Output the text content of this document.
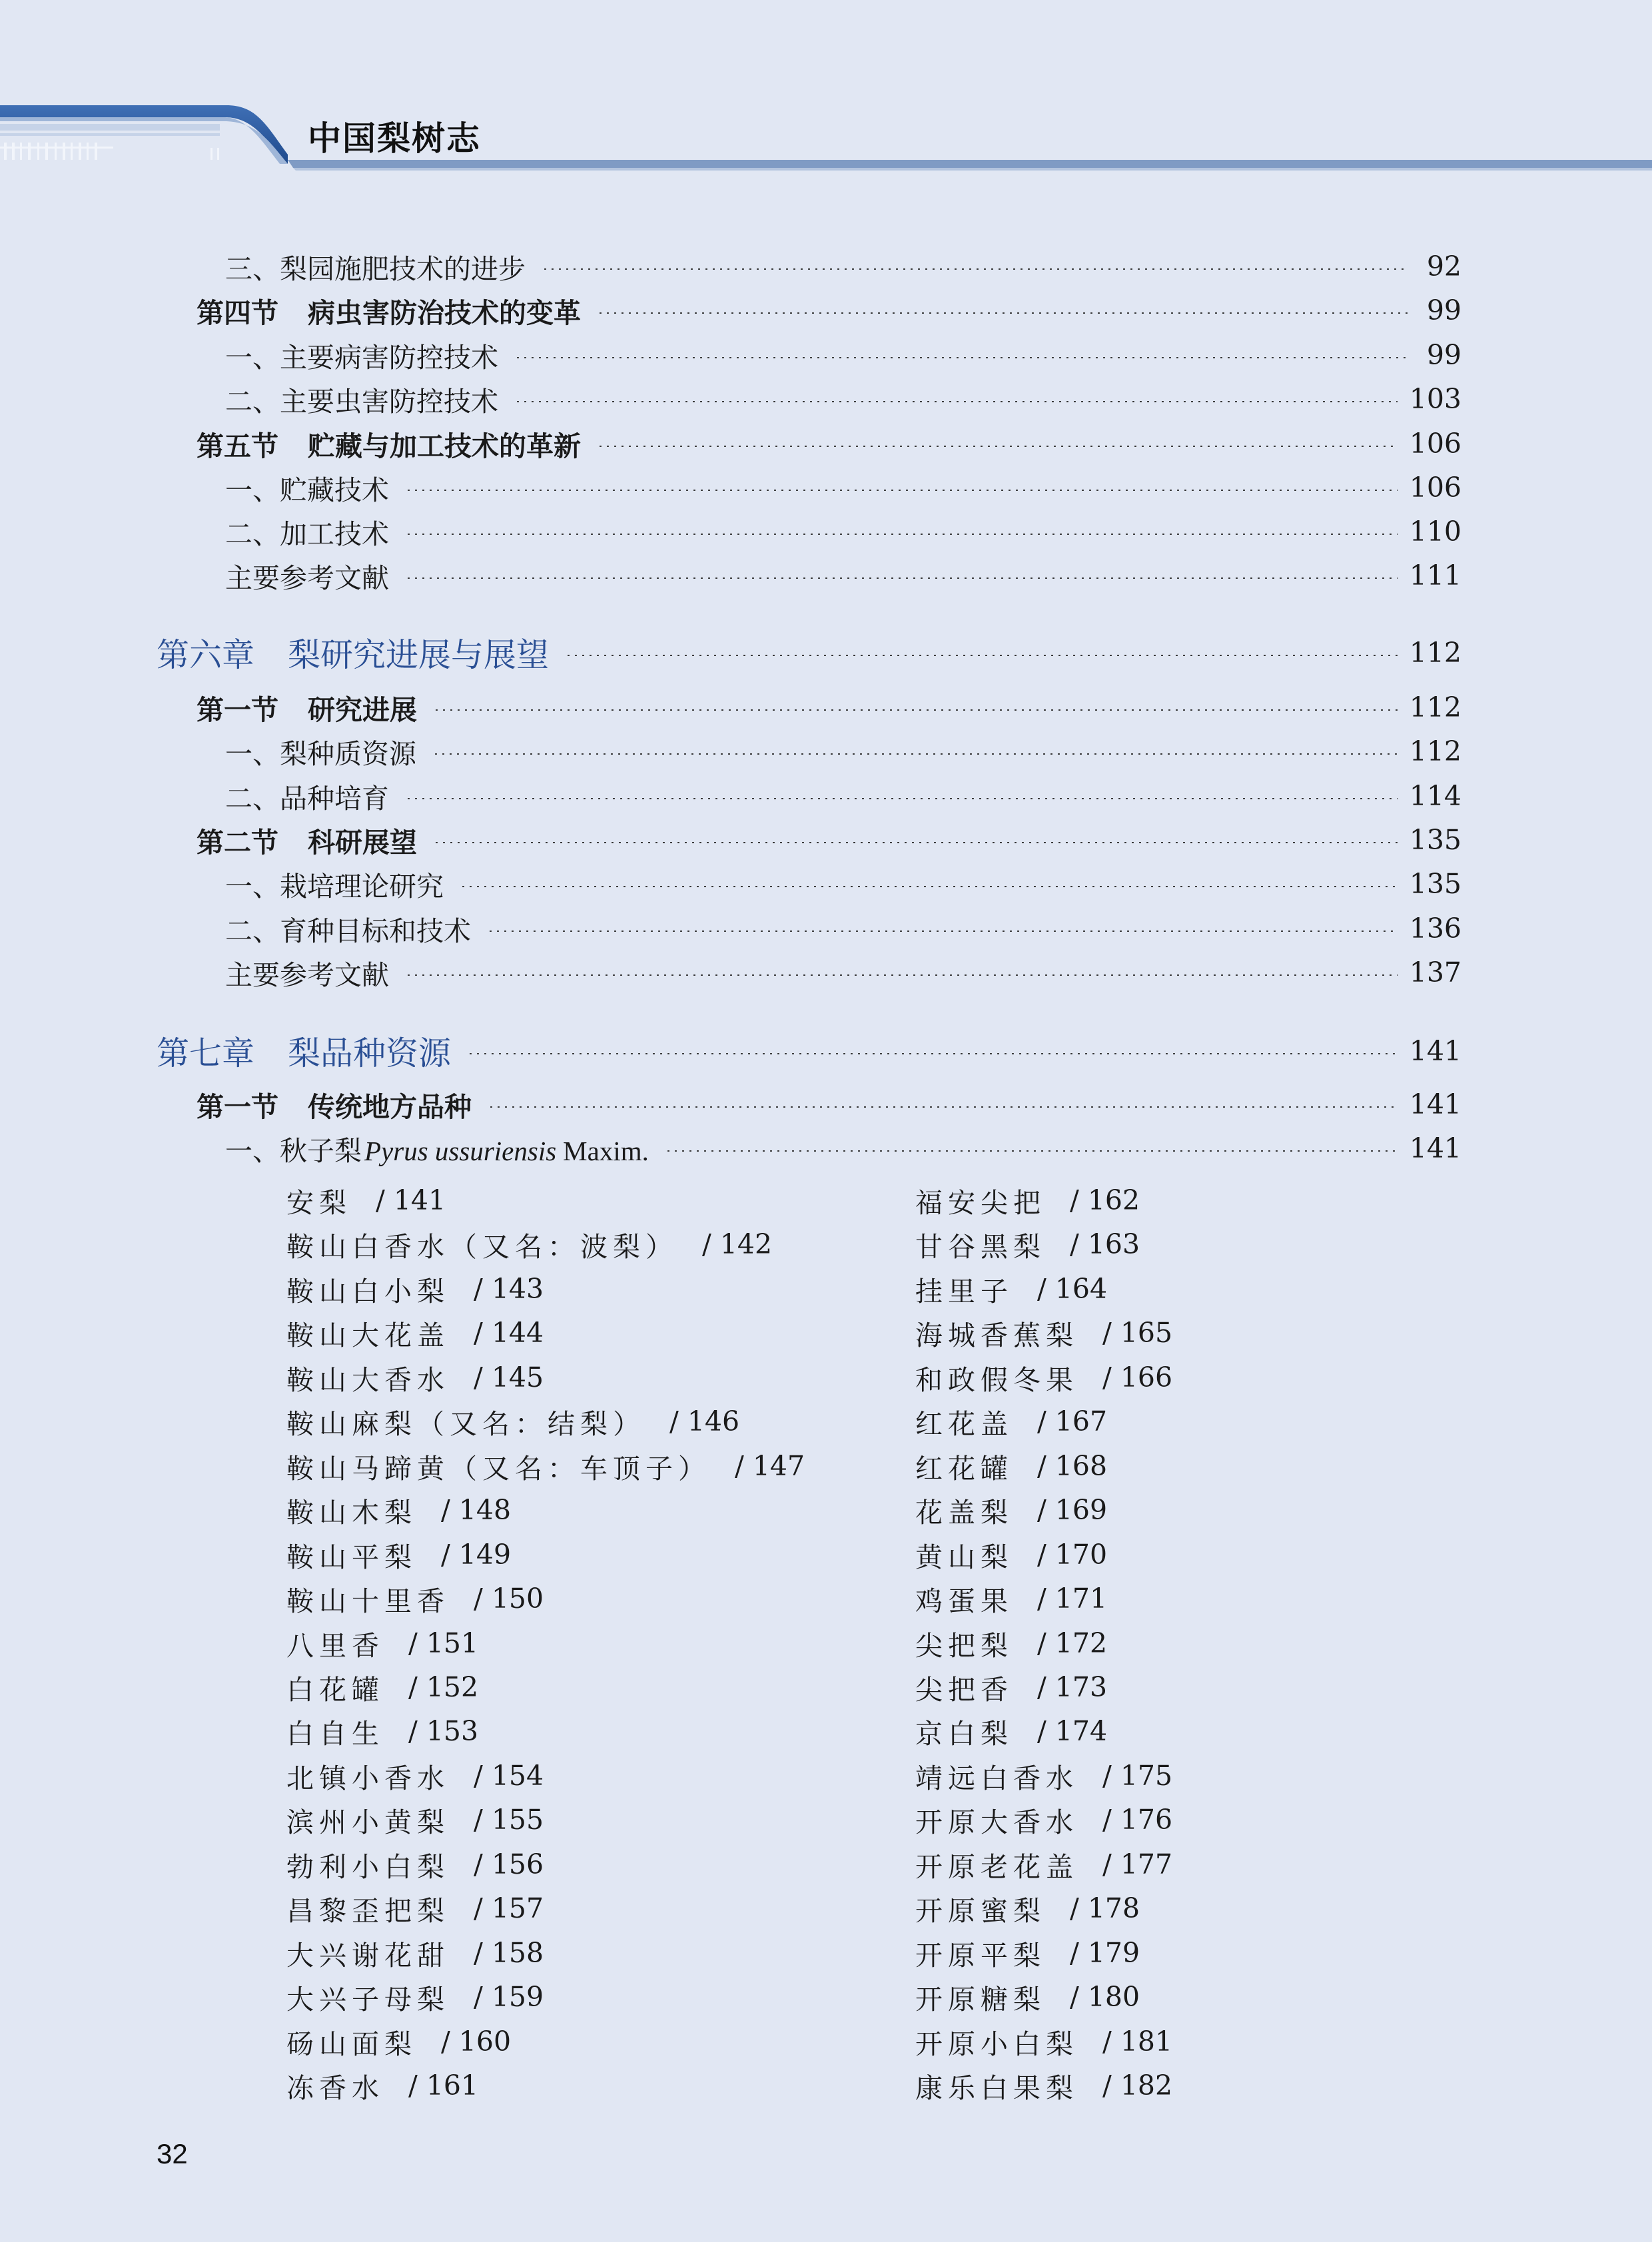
中国梨树志
三、梨园施肥技术的进步	92
第四节 病虫害防治技术的变革	99
一、主要病害防控技术	99
二、主要虫害防控技术	103
第五节 贮藏与加工技术的革新	106
一、贮藏技术	106
二、加工技术	110
主要参考文献	111
第六章 梨研究进展与展望	112
第一节 研究进展	112
一、梨种质资源	112
二、品种培育	114
第二节 科研展望	135
一、栽培理论研究	135
二、育种目标和技术	136
主要参考文献	137
第七章 梨品种资源	141
第一节 传统地方品种	141
一、秋子梨Pyrus ussuriensis Maxim.	141
安梨 / 141
鞍山白香水（又名：波梨） / 142
鞍山白小梨 / 143
鞍山大花盖 / 144
鞍山大香水 / 145
鞍山麻梨（又名：结梨） / 146
鞍山马蹄黄（又名：车顶子） / 147
鞍山木梨 / 148
鞍山平梨 / 149
鞍山十里香 / 150
八里香 / 151
白花罐 / 152
白自生 / 153
北镇小香水 / 154
滨州小黄梨 / 155
勃利小白梨 / 156
昌黎歪把梨 / 157
大兴谢花甜 / 158
大兴子母梨 / 159
砀山面梨 / 160
冻香水 / 161
福安尖把 / 162
甘谷黑梨 / 163
挂里子 / 164
海城香蕉梨 / 165
和政假冬果 / 166
红花盖 / 167
红花罐 / 168
花盖梨 / 169
黄山梨 / 170
鸡蛋果 / 171
尖把梨 / 172
尖把香 / 173
京白梨 / 174
靖远白香水 / 175
开原大香水 / 176
开原老花盖 / 177
开原蜜梨 / 178
开原平梨 / 179
开原糖梨 / 180
开原小白梨 / 181
康乐白果梨 / 182
32
